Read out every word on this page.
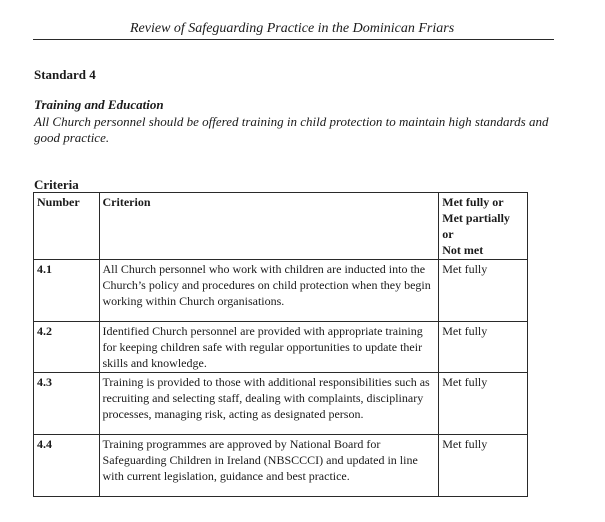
Review of Safeguarding Practice in the Dominican Friars
Standard 4
Training and Education
All Church personnel should be offered training in child protection to maintain high standards and good practice.
Criteria
Number	Criterion	Met fully or
Met partially
or
Not met

4.1	All Church personnel who work with children are inducted into the Church’s policy and procedures on child protection when they begin working within Church organisations.	Met fully
4.2	Identified Church personnel are provided with appropriate training for keeping children safe with regular opportunities to update their skills and knowledge.	Met fully
4.3	Training is provided to those with additional responsibilities such as recruiting and selecting staff, dealing with complaints, disciplinary processes, managing risk, acting as designated person.	Met fully
4.4	Training programmes are approved by National Board for Safeguarding Children in Ireland (NBSCCCI) and updated in line with current legislation, guidance and best practice.	Met fully
